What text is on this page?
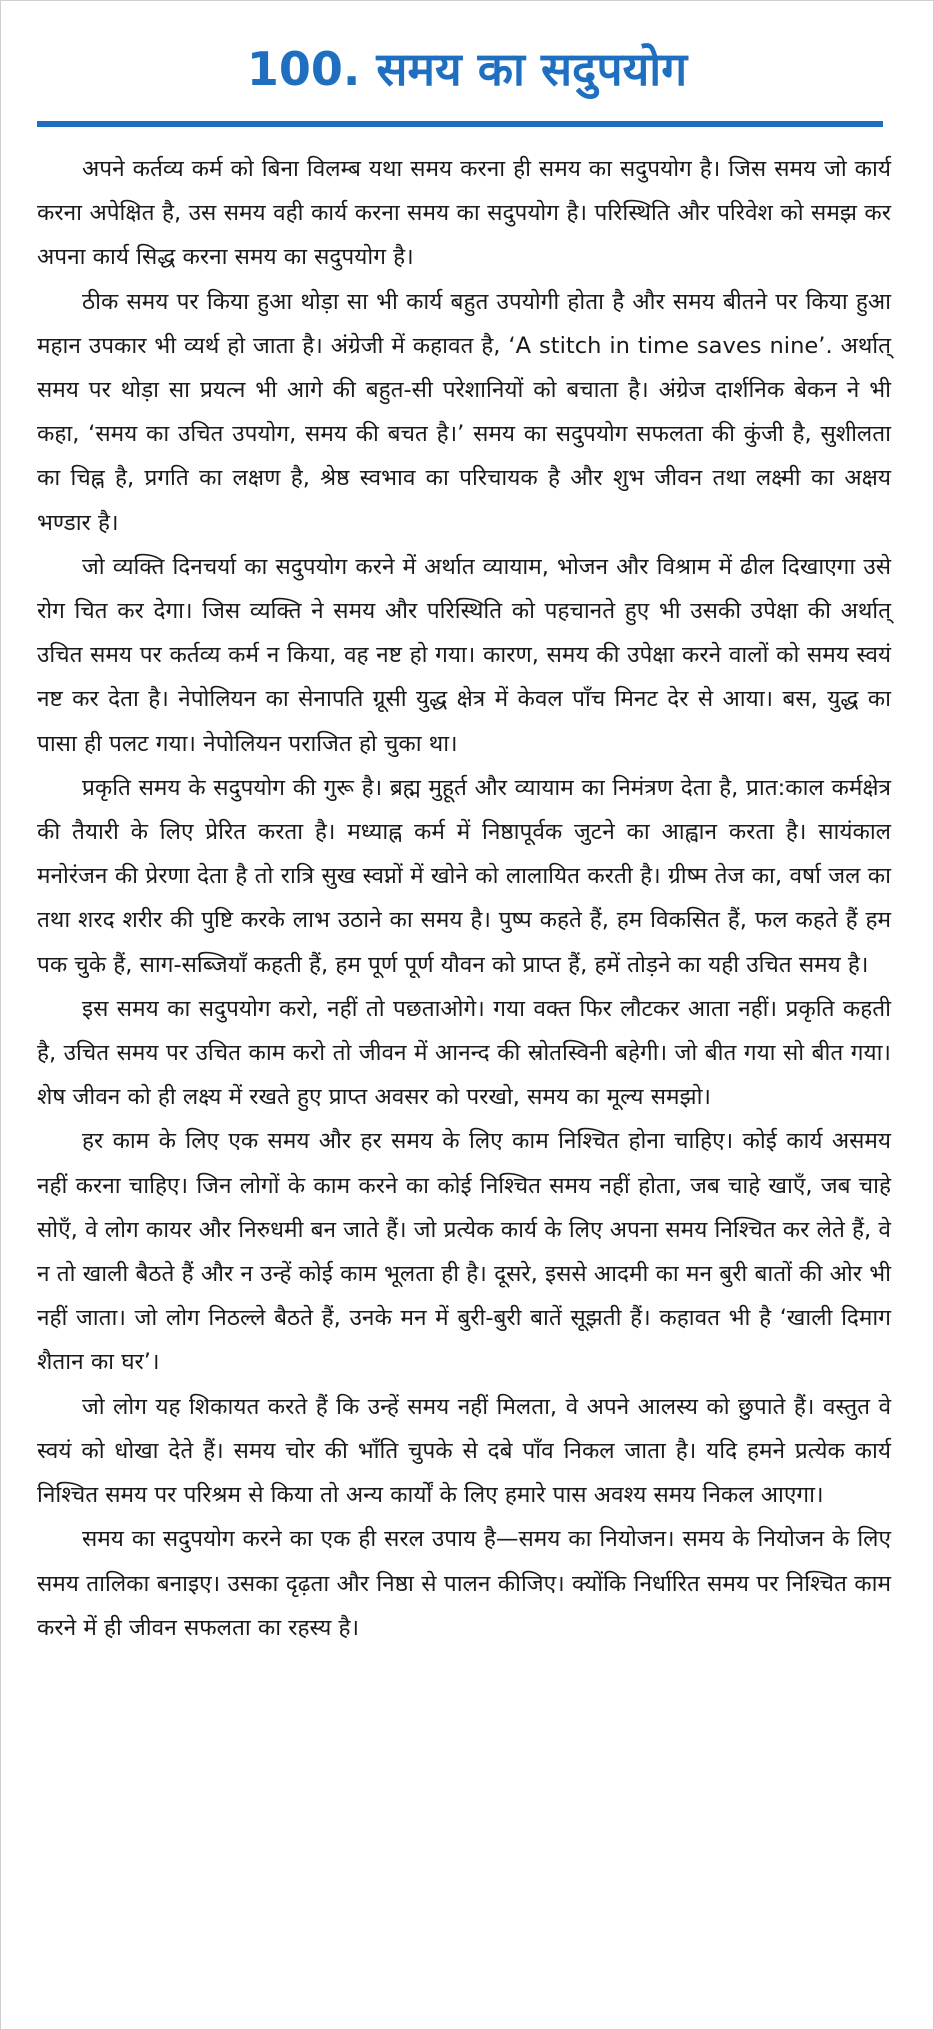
100. समय का सदुपयोग

अपने कर्तव्य कर्म को बिना विलम्ब यथा समय करना ही समय का सदुपयोग है। जिस समय जो कार्य करना अपेक्षित है, उस समय वही कार्य करना समय का सदुपयोग है। परिस्थिति और परिवेश को समझ कर अपना कार्य सिद्ध करना समय का सदुपयोग है।

ठीक समय पर किया हुआ थोड़ा सा भी कार्य बहुत उपयोगी होता है और समय बीतने पर किया हुआ महान उपकार भी व्यर्थ हो जाता है। अंग्रेजी में कहावत है, ‘A stitch in time saves nine’. अर्थात् समय पर थोड़ा सा प्रयत्न भी आगे की बहुत-सी परेशानियों को बचाता है। अंग्रेज दार्शनिक बेकन ने भी कहा, ‘समय का उचित उपयोग, समय की बचत है।’ समय का सदुपयोग सफलता की कुंजी है, सुशीलता का चिह्न है, प्रगति का लक्षण है, श्रेष्ठ स्वभाव का परिचायक है और शुभ जीवन तथा लक्ष्मी का अक्षय भण्डार है।

जो व्यक्ति दिनचर्या का सदुपयोग करने में अर्थात व्यायाम, भोजन और विश्राम में ढील दिखाएगा उसे रोग चित कर देगा। जिस व्यक्ति ने समय और परिस्थिति को पहचानते हुए भी उसकी उपेक्षा की अर्थात् उचित समय पर कर्तव्य कर्म न किया, वह नष्ट हो गया। कारण, समय की उपेक्षा करने वालों को समय स्वयं नष्ट कर देता है। नेपोलियन का सेनापति ग्रूसी युद्ध क्षेत्र में केवल पाँच मिनट देर से आया। बस, युद्ध का पासा ही पलट गया। नेपोलियन पराजित हो चुका था।

प्रकृति समय के सदुपयोग की गुरू है। ब्रह्म मुहूर्त और व्यायाम का निमंत्रण देता है, प्रात:काल कर्मक्षेत्र की तैयारी के लिए प्रेरित करता है। मध्याह्न कर्म में निष्ठापूर्वक जुटने का आह्वान करता है। सायंकाल मनोरंजन की प्रेरणा देता है तो रात्रि सुख स्वप्नों में खोने को लालायित करती है। ग्रीष्म तेज का, वर्षा जल का तथा शरद शरीर की पुष्टि करके लाभ उठाने का समय है। पुष्प कहते हैं, हम विकसित हैं, फल कहते हैं हम पक चुके हैं, साग-सब्जियाँ कहती हैं, हम पूर्ण पूर्ण यौवन को प्राप्त हैं, हमें तोड़ने का यही उचित समय है।

इस समय का सदुपयोग करो, नहीं तो पछताओगे। गया वक्त फिर लौटकर आता नहीं। प्रकृति कहती है, उचित समय पर उचित काम करो तो जीवन में आनन्द की स्रोतस्विनी बहेगी। जो बीत गया सो बीत गया। शेष जीवन को ही लक्ष्य में रखते हुए प्राप्त अवसर को परखो, समय का मूल्य समझो।

हर काम के लिए एक समय और हर समय के लिए काम निश्चित होना चाहिए। कोई कार्य असमय नहीं करना चाहिए। जिन लोगों के काम करने का कोई निश्चित समय नहीं होता, जब चाहे खाएँ, जब चाहे सोएँ, वे लोग कायर और निरुधमी बन जाते हैं। जो प्रत्येक कार्य के लिए अपना समय निश्चित कर लेते हैं, वे न तो खाली बैठते हैं और न उन्हें कोई काम भूलता ही है। दूसरे, इससे आदमी का मन बुरी बातों की ओर भी नहीं जाता। जो लोग निठल्ले बैठते हैं, उनके मन में बुरी-बुरी बातें सूझती हैं। कहावत भी है ‘खाली दिमाग शैतान का घर’।

जो लोग यह शिकायत करते हैं कि उन्हें समय नहीं मिलता, वे अपने आलस्य को छुपाते हैं। वस्तुत वे स्वयं को धोखा देते हैं। समय चोर की भाँति चुपके से दबे पाँव निकल जाता है। यदि हमने प्रत्येक कार्य निश्चित समय पर परिश्रम से किया तो अन्य कार्यों के लिए हमारे पास अवश्य समय निकल आएगा।

समय का सदुपयोग करने का एक ही सरल उपाय है—समय का नियोजन। समय के नियोजन के लिए समय तालिका बनाइए। उसका दृढ़ता और निष्ठा से पालन कीजिए। क्योंकि निर्धारित समय पर निश्चित काम करने में ही जीवन सफलता का रहस्य है।
